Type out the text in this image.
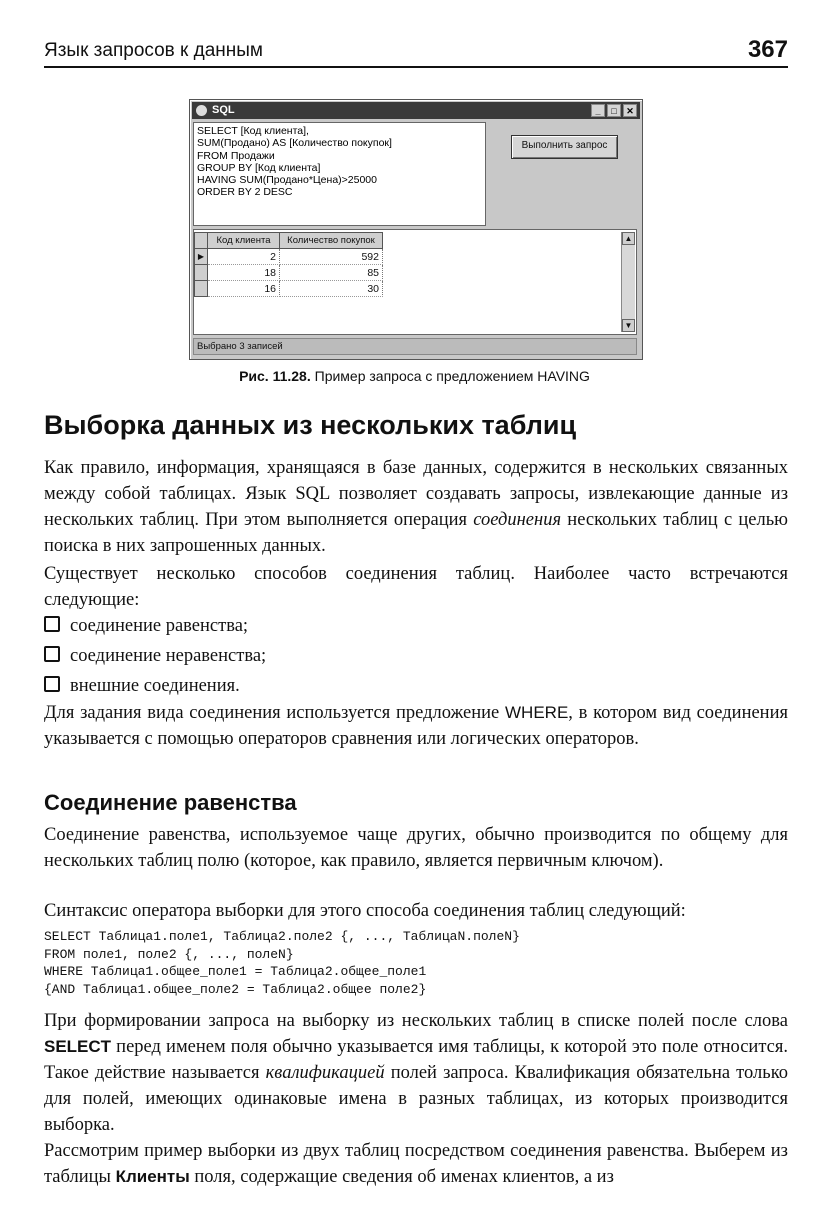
Язык запросов к данным	367
SQL	_	□	✕
SELECT [Код клиента],
SUM(Продано) AS [Количество покупок]
FROM Продажи
GROUP BY [Код клиента]
HAVING SUM(Продано*Цена)>25000
ORDER BY 2 DESC
Выполнить запрос
	Код клиента	Количество покупок
▶	2	592
	18	85
	16	30
▲
▼
Выбрано 3 записей
Рис. 11.28. Пример запроса с предложением HAVING
Выборка данных из нескольких таблиц
Как правило, информация, хранящаяся в базе данных, содержится в нескольких связанных между собой таблицах. Язык SQL позволяет создавать запросы, извлекающие данные из нескольких таблиц. При этом выполняется операция соединения нескольких таблиц с целью поиска в них запрошенных данных.
Существует несколько способов соединения таблиц. Наиболее часто встречаются следующие:
соединение равенства;
соединение неравенства;
внешние соединения.
Для задания вида соединения используется предложение WHERE, в котором вид соединения указывается с помощью операторов сравнения или логических операторов.
Соединение равенства
Соединение равенства, используемое чаще других, обычно производится по общему для нескольких таблиц полю (которое, как правило, является первичным ключом).
Синтаксис оператора выборки для этого способа соединения таблиц следующий:
SELECT Таблица1.поле1, Таблица2.поле2 {, ..., ТаблицаN.полеN}
FROM поле1, поле2 {, ..., полеN}
WHERE Таблица1.общее_поле1 = Таблица2.общее_поле1
{AND Таблица1.общее_поле2 = Таблица2.общее поле2}
При формировании запроса на выборку из нескольких таблиц в списке полей после слова SELECT перед именем поля обычно указывается имя таблицы, к которой это поле относится. Такое действие называется квалификацией полей запроса. Квалификация обязательна только для полей, имеющих одинаковые имена в разных таблицах, из которых производится выборка.
Рассмотрим пример выборки из двух таблиц посредством соединения равенства. Выберем из таблицы Клиенты поля, содержащие сведения об именах клиентов, а из
